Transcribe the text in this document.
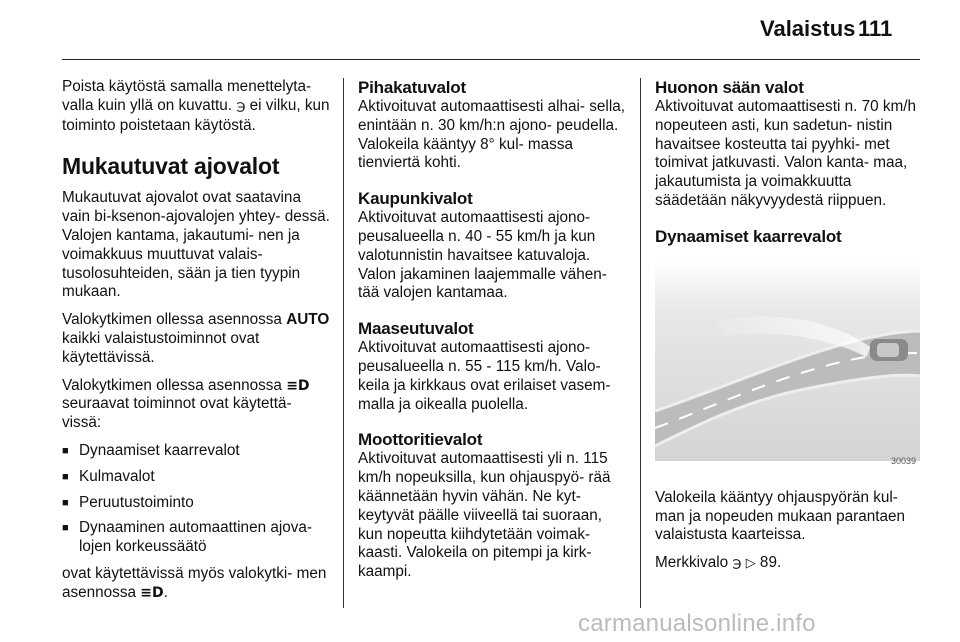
Valaistus 111

Poista käytöstä samalla menettelyta‐ valla kuin yllä on kuvattu. ℈ ei vilku, kun toiminto poistetaan käytöstä.

Mukautuvat ajovalot

Mukautuvat ajovalot ovat saatavina vain bi-ksenon-ajovalojen yhtey‐ dessä. Valojen kantama, jakautumi‐ nen ja voimakkuus muuttuvat valais‐ tusolosuhteiden, sään ja tien tyypin mukaan.

Valokytkimen ollessa asennossa AUTO kaikki valaistustoiminnot ovat käytettävissä.

Valokytkimen ollessa asennossa ≡D seuraavat toiminnot ovat käytettä‐ vissä:

■ Dynaamiset kaarrevalot
■ Kulmavalot
■ Peruutustoiminto
■ Dynaaminen automaattinen ajova‐ lojen korkeussäätö

ovat käytettävissä myös valokytki‐ men asennossa ≡D.

Pihakatuvalot

Aktivoituvat automaattisesti alhai‐ sella, enintään n. 30 km/h:n ajono‐ peudella. Valokeila kääntyy 8° kul‐ massa tienviertä kohti.

Kaupunkivalot

Aktivoituvat automaattisesti ajono‐ peusalueella n. 40 - 55 km/h ja kun valotunnistin havaitsee katuvaloja. Valon jakaminen laajemmalle vähen‐ tää valojen kantamaa.

Maaseutuvalot

Aktivoituvat automaattisesti ajono‐ peusalueella n. 55 - 115 km/h. Valo‐ keila ja kirkkaus ovat erilaiset vasem‐ malla ja oikealla puolella.

Moottoritievalot

Aktivoituvat automaattisesti yli n. 115 km/h nopeuksilla, kun ohjauspyö‐ rää käännetään hyvin vähän. Ne kyt‐ keytyvät päälle viiveellä tai suoraan, kun nopeutta kiihdytetään voimak‐ kaasti. Valokeila on pitempi ja kirk‐ kaampi.

Huonon sään valot

Aktivoituvat automaattisesti n. 70 km/h nopeuteen asti, kun sadetun‐ nistin havaitsee kosteutta tai pyyhki‐ met toimivat jatkuvasti. Valon kanta‐ maa, jakautumista ja voimakkuutta säädetään näkyvyydestä riippuen.

Dynaamiset kaarrevalot
30039

Valokeila kääntyy ohjauspyörän kul‐ man ja nopeuden mukaan parantaen valaistusta kaarteissa.

Merkkivalo ℈ ▷ 89.

carmanualsonline.info
